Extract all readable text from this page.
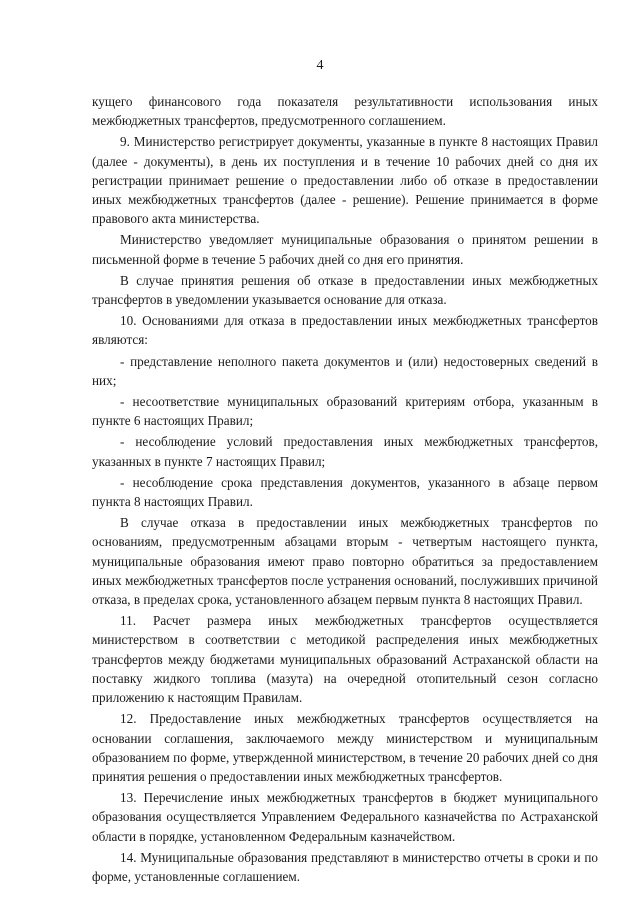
4

кущего финансового года показателя результативности использования иных межбюджетных трансфертов, предусмотренного соглашением.

9. Министерство регистрирует документы, указанные в пункте 8 настоящих Правил (далее - документы), в день их поступления и в течение 10 рабочих дней со дня их регистрации принимает решение о предоставлении либо об отказе в предоставлении иных межбюджетных трансфертов (далее - решение). Решение принимается в форме правового акта министерства.

Министерство уведомляет муниципальные образования о принятом решении в письменной форме в течение 5 рабочих дней со дня его принятия.

В случае принятия решения об отказе в предоставлении иных межбюджетных трансфертов в уведомлении указывается основание для отказа.

10. Основаниями для отказа в предоставлении иных межбюджетных трансфертов являются:

- представление неполного пакета документов и (или) недостоверных сведений в них;

- несоответствие муниципальных образований критериям отбора, указанным в пункте 6 настоящих Правил;

- несоблюдение условий предоставления иных межбюджетных трансфертов, указанных в пункте 7 настоящих Правил;

- несоблюдение срока представления документов, указанного в абзаце первом пункта 8 настоящих Правил.

В случае отказа в предоставлении иных межбюджетных трансфертов по основаниям, предусмотренным абзацами вторым - четвертым настоящего пункта, муниципальные образования имеют право повторно обратиться за предоставлением иных межбюджетных трансфертов после устранения оснований, послуживших причиной отказа, в пределах срока, установленного абзацем первым пункта 8 настоящих Правил.

11. Расчет размера иных межбюджетных трансфертов осуществляется министерством в соответствии с методикой распределения иных межбюджетных трансфертов между бюджетами муниципальных образований Астраханской области на поставку жидкого топлива (мазута) на очередной отопительный сезон согласно приложению к настоящим Правилам.

12. Предоставление иных межбюджетных трансфертов осуществляется на основании соглашения, заключаемого между министерством и муниципальным образованием по форме, утвержденной министерством, в течение 20 рабочих дней со дня принятия решения о предоставлении иных межбюджетных трансфертов.

13. Перечисление иных межбюджетных трансфертов в бюджет муниципального образования осуществляется Управлением Федерального казначейства по Астраханской области в порядке, установленном Федеральным казначейством.

14. Муниципальные образования представляют в министерство отчеты в сроки и по форме, установленные соглашением.
